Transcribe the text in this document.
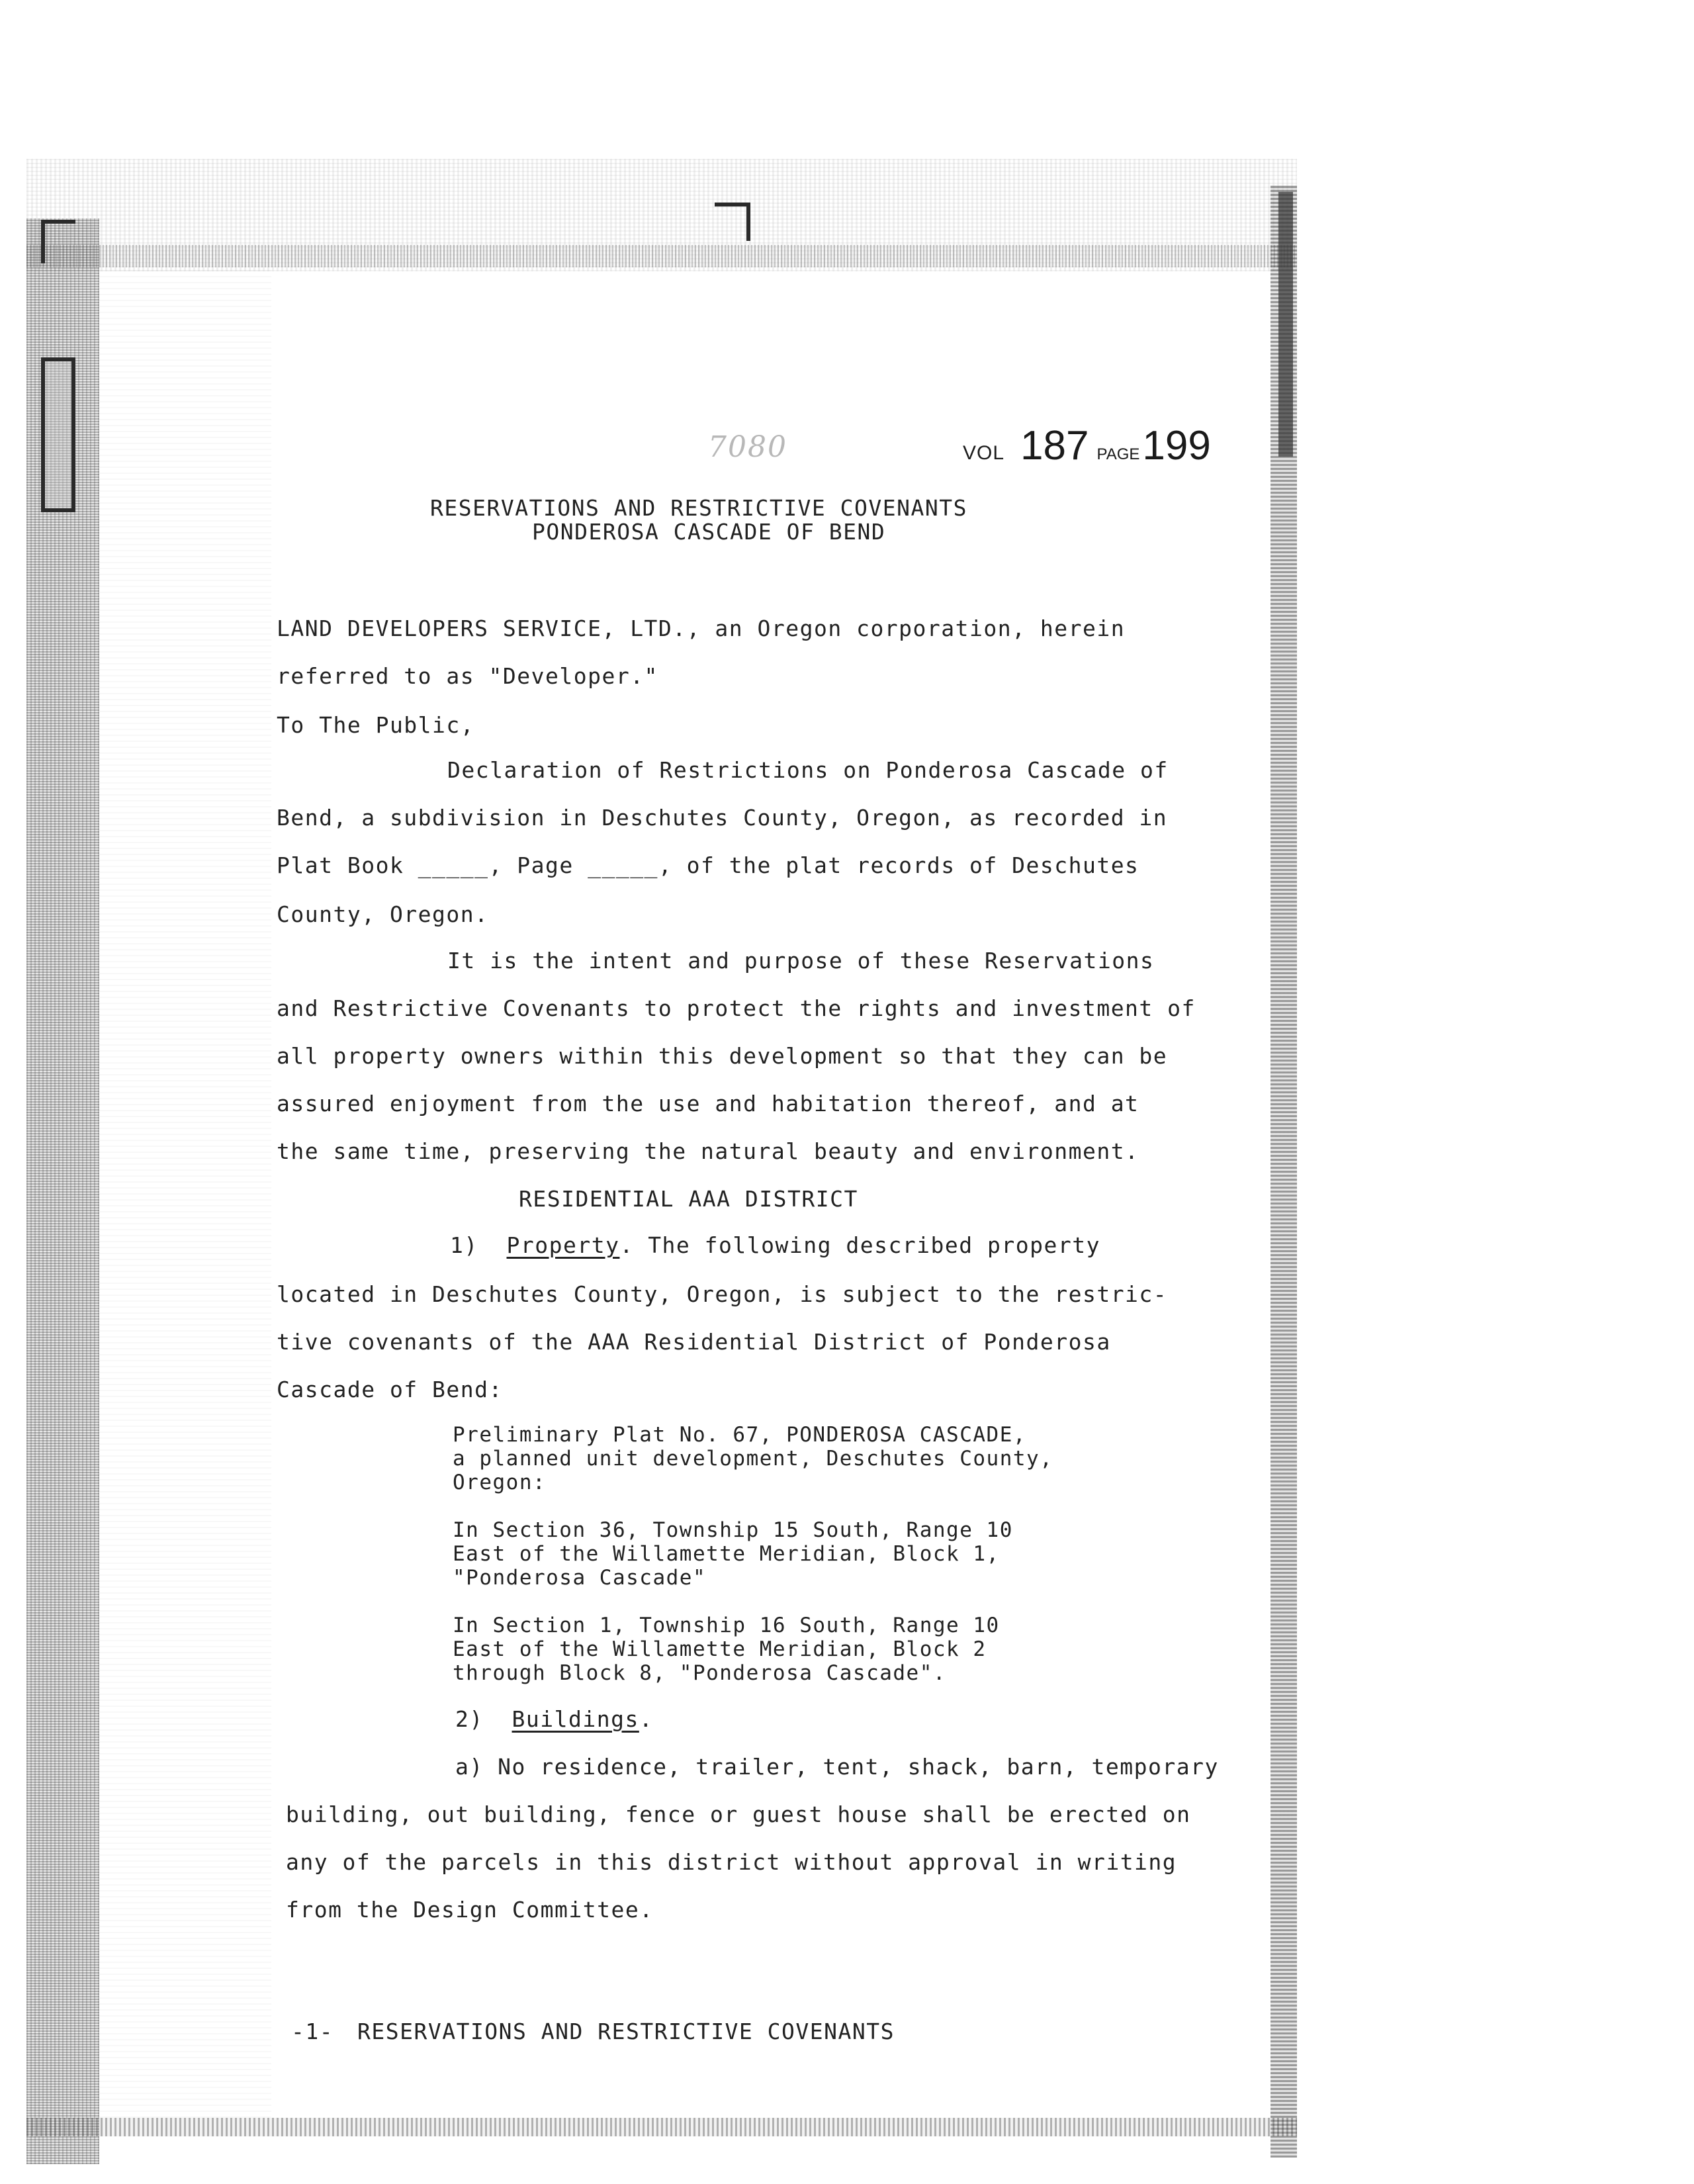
7080	VOL 187 PAGE 199
RESERVATIONS AND RESTRICTIVE COVENANTS
PONDEROSA CASCADE OF BEND
LAND DEVELOPERS SERVICE, LTD., an Oregon corporation, herein
referred to as "Developer."
To The Public,
Declaration of Restrictions on Ponderosa Cascade of
Bend, a subdivision in Deschutes County, Oregon, as recorded in
Plat Book _____, Page _____, of the plat records of Deschutes
County, Oregon.
It is the intent and purpose of these Reservations
and Restrictive Covenants to protect the rights and investment of
all property owners within this development so that they can be
assured enjoyment from the use and habitation thereof, and at
the same time, preserving the natural beauty and environment.
RESIDENTIAL AAA DISTRICT
1) Property. The following described property
located in Deschutes County, Oregon, is subject to the restric-
tive covenants of the AAA Residential District of Ponderosa
Cascade of Bend:
Preliminary Plat No. 67, PONDEROSA CASCADE,
a planned unit development, Deschutes County,
Oregon:
In Section 36, Township 15 South, Range 10
East of the Willamette Meridian, Block 1,
"Ponderosa Cascade"
In Section 1, Township 16 South, Range 10
East of the Willamette Meridian, Block 2
through Block 8, "Ponderosa Cascade".
2) Buildings.
a) No residence, trailer, tent, shack, barn, temporary
building, out building, fence or guest house shall be erected on
any of the parcels in this district without approval in writing
from the Design Committee.
-1- RESERVATIONS AND RESTRICTIVE COVENANTS
